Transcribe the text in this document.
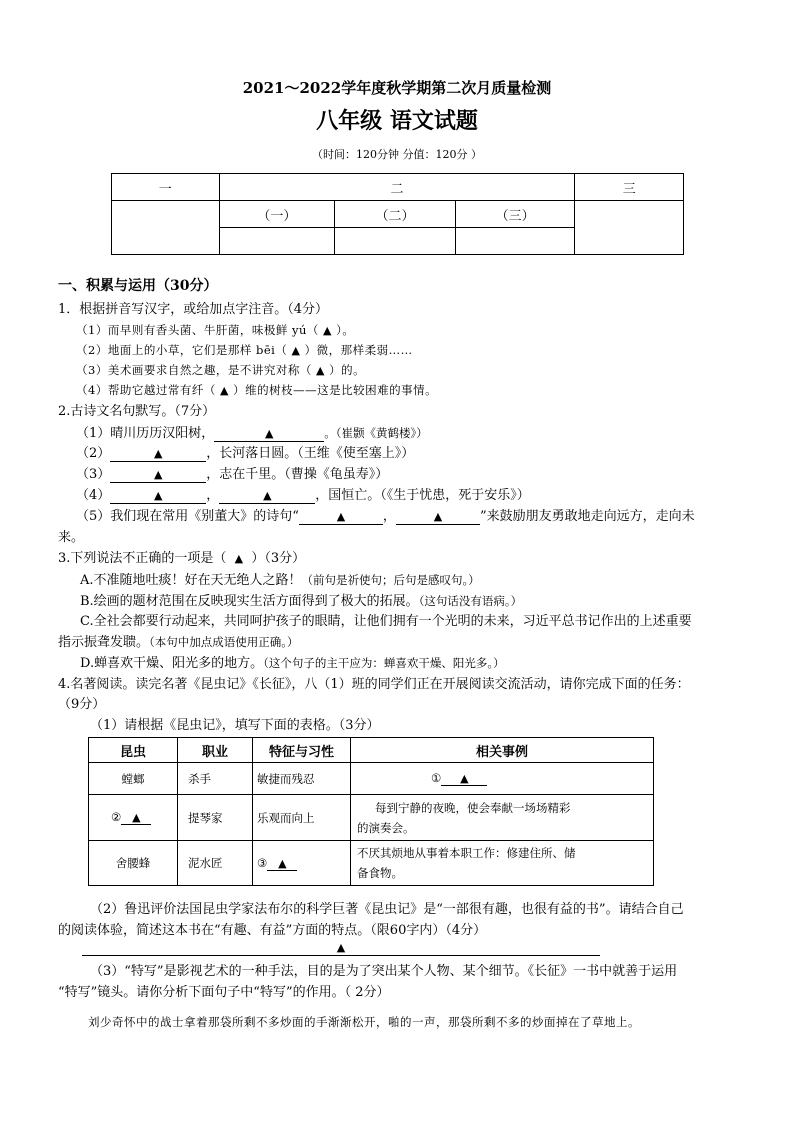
2021～2022学年度秋学期第二次月质量检测
八年级 语文试题
（时间：120分钟 分值：120分 ）
一	二			三
	（一）	（二）	（三）	

一、积累与运用（30分）
1．根据拼音写汉字，或给加点字注音。（4分）
（1）而早则有香头菌、牛肝菌，味极鲜 yú（ ▲ ）。
（2）地面上的小草，它们是那样 bēi（ ▲ ）微，那样柔弱……
（3）美术画要求自然之趣，是不讲究对称（ ▲ ）的。
（4）帮助它越过常有纤（ ▲ ）维的树枝——这是比较困难的事情。
2.古诗文名句默写。（7分）
（1）晴川历历汉阳树，	▲	。（崔颢《黄鹤楼》）
（2）	▲	，长河落日圆。（王维《使至塞上》）
（3）	▲	，志在千里。（曹操《龟虽寿》）
（4）	▲	，	▲	，国恒亡。（《生于忧患，死于安乐》）
（5）我们现在常用《别董大》的诗句“	▲	，	▲	”来鼓励朋友勇敢地走向远方，走向未
来。
3.下列说法不正确的一项是（ ▲ ）（3分）
A.不准随地吐痰！好在天无绝人之路！（前句是祈使句；后句是感叹句。）
B.绘画的题材范围在反映现实生活方面得到了极大的拓展。（这句话没有语病。）
C.全社会都要行动起来，共同呵护孩子的眼睛，让他们拥有一个光明的未来，习近平总书记作出的上述重要
指示振聋发聩。（本句中加点成语使用正确。）
D.蝉喜欢干燥、阳光多的地方。（这个句子的主干应为：蝉喜欢干燥、阳光多。）
4.名著阅读。读完名著《昆虫记》《长征》，八（1）班的同学们正在开展阅读交流活动，请你完成下面的任务：
（9分）
（1）请根据《昆虫记》，填写下面的表格。（3分）
昆虫	职业	特征与习性	相关事例
螳螂	杀手	敏捷而残忍	① ▲
② ▲	提琴家	乐观而向上	每到宁静的夜晚，使会奉献一场场精彩
的演奏会。

舍腰蜂	泥水匠	③ ▲	不厌其烦地从事着本职工作：修建住所、储
备食物。
（2）鲁迅评价法国昆虫学家法布尔的科学巨著《昆虫记》是“一部很有趣，也很有益的书”。请结合自己
的阅读体验，简述这本书在“有趣、有益”方面的特点。（限60字内）（4分）
▲
（3）“特写”是影视艺术的一种手法，目的是为了突出某个人物、某个细节。《长征》一书中就善于运用
“特写”镜头。请你分析下面句子中“特写”的作用。（ 2分）
刘少奇怀中的战士拿着那袋所剩不多炒面的手渐渐松开，啪的一声，那袋所剩不多的炒面掉在了草地上。
